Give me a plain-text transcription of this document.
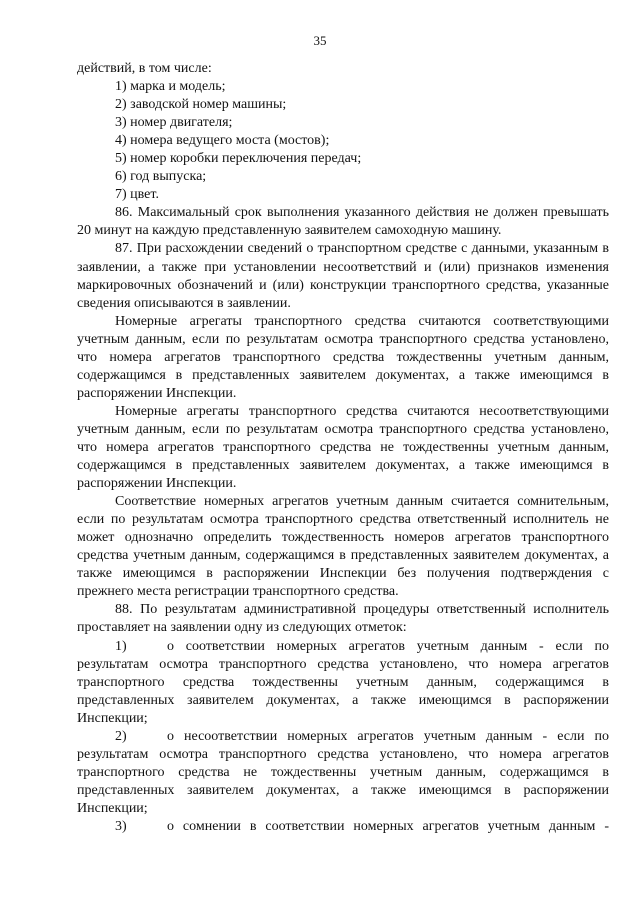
35

действий, в том числе:

1) марка и модель;

2) заводской номер машины;

3) номер двигателя;

4) номера ведущего моста (мостов);

5) номер коробки переключения передач;

6) год выпуска;

7) цвет.

86. Максимальный срок выполнения указанного действия не должен превышать 20 минут на каждую представленную заявителем самоходную машину.

87. При расхождении сведений о транспортном средстве с данными, указанным в заявлении, а также при установлении несоответствий и (или) признаков изменения маркировочных обозначений и (или) конструкции транспортного средства, указанные сведения описываются в заявлении.

Номерные агрегаты транспортного средства считаются соответствующими учетным данным, если по результатам осмотра транспортного средства установлено, что номера агрегатов транспортного средства тождественны учетным данным, содержащимся в представленных заявителем документах, а также имеющимся в распоряжении Инспекции.

Номерные агрегаты транспортного средства считаются несоответствующими учетным данным, если по результатам осмотра транспортного средства установлено, что номера агрегатов транспортного средства не тождественны учетным данным, содержащимся в представленных заявителем документах, а также имеющимся в распоряжении Инспекции.

Соответствие номерных агрегатов учетным данным считается сомнительным, если по результатам осмотра транспортного средства ответственный исполнитель не может однозначно определить тождественность номеров агрегатов транспортного средства учетным данным, содержащимся в представленных заявителем документах, а также имеющимся в распоряжении Инспекции без получения подтверждения с прежнего места регистрации транспортного средства.

88. По результатам административной процедуры ответственный исполнитель проставляет на заявлении одну из следующих отметок:

1)	о соответствии номерных агрегатов учетным данным - если по результатам осмотра транспортного средства установлено, что номера агрегатов транспортного средства тождественны учетным данным, содержащимся в представленных заявителем документах, а также имеющимся в распоряжении Инспекции;

2)	о несоответствии номерных агрегатов учетным данным - если по результатам осмотра транспортного средства установлено, что номера агрегатов транспортного средства не тождественны учетным данным, содержащимся в представленных заявителем документах, а также имеющимся в распоряжении Инспекции;

3)	о сомнении в соответствии номерных агрегатов учетным данным -
